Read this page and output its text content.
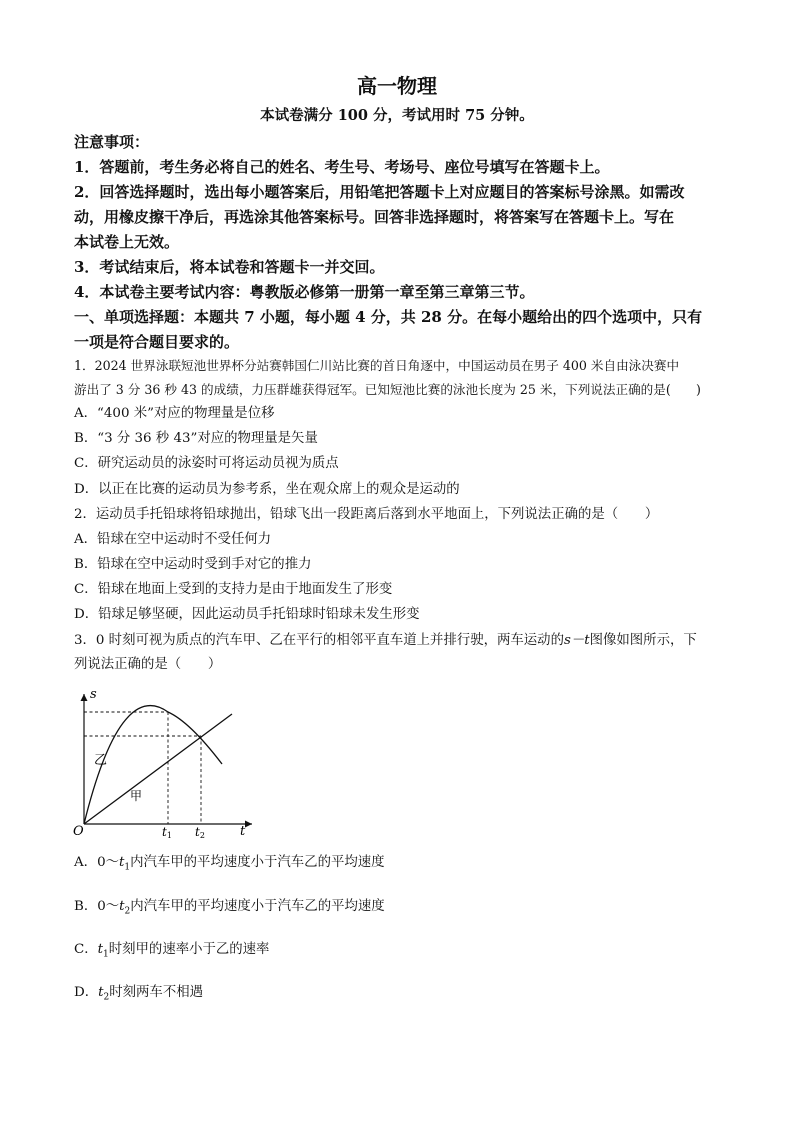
高一物理
本试卷满分 100 分，考试用时 75 分钟。
注意事项：
1．答题前，考生务必将自己的姓名、考生号、考场号、座位号填写在答题卡上。
2．回答选择题时，选出每小题答案后，用铅笔把答题卡上对应题目的答案标号涂黑。如需改
动，用橡皮擦干净后，再选涂其他答案标号。回答非选择题时，将答案写在答题卡上。写在
本试卷上无效。
3．考试结束后，将本试卷和答题卡一并交回。
4．本试卷主要考试内容：粤教版必修第一册第一章至第三章第三节。
一、单项选择题：本题共 7 小题，每小题 4 分，共 28 分。在每小题给出的四个选项中，只有
一项是符合题目要求的。
1．2024 世界泳联短池世界杯分站赛韩国仁川站比赛的首日角逐中，中国运动员在男子 400 米自由泳决赛中
游出了 3 分 36 秒 43 的成绩，力压群雄获得冠军。已知短池比赛的泳池长度为 25 米，下列说法正确的是(　　)
A．“400 米”对应的物理量是位移
B．“3 分 36 秒 43”对应的物理量是矢量
C．研究运动员的泳姿时可将运动员视为质点
D．以正在比赛的运动员为参考系，坐在观众席上的观众是运动的
2．运动员手托铅球将铅球抛出，铅球飞出一段距离后落到水平地面上，下列说法正确的是（　　）
A．铅球在空中运动时不受任何力
B．铅球在空中运动时受到手对它的推力
C．铅球在地面上受到的支持力是由于地面发生了形变
D．铅球足够坚硬，因此运动员手托铅球时铅球未发生形变
3．0 时刻可视为质点的汽车甲、乙在平行的相邻平直车道上并排行驶，两车运动的s－t图像如图所示，下
列说法正确的是（　　）
s
t
O
乙
甲
t1 t2
A．$0\sim t_1$内汽车甲的平均速度小于汽车乙的平均速度
B．$0\sim t_2$内汽车甲的平均速度小于汽车乙的平均速度
C．$t_1$时刻甲的速率小于乙的速率
D．$t_2$时刻两车不相遇
